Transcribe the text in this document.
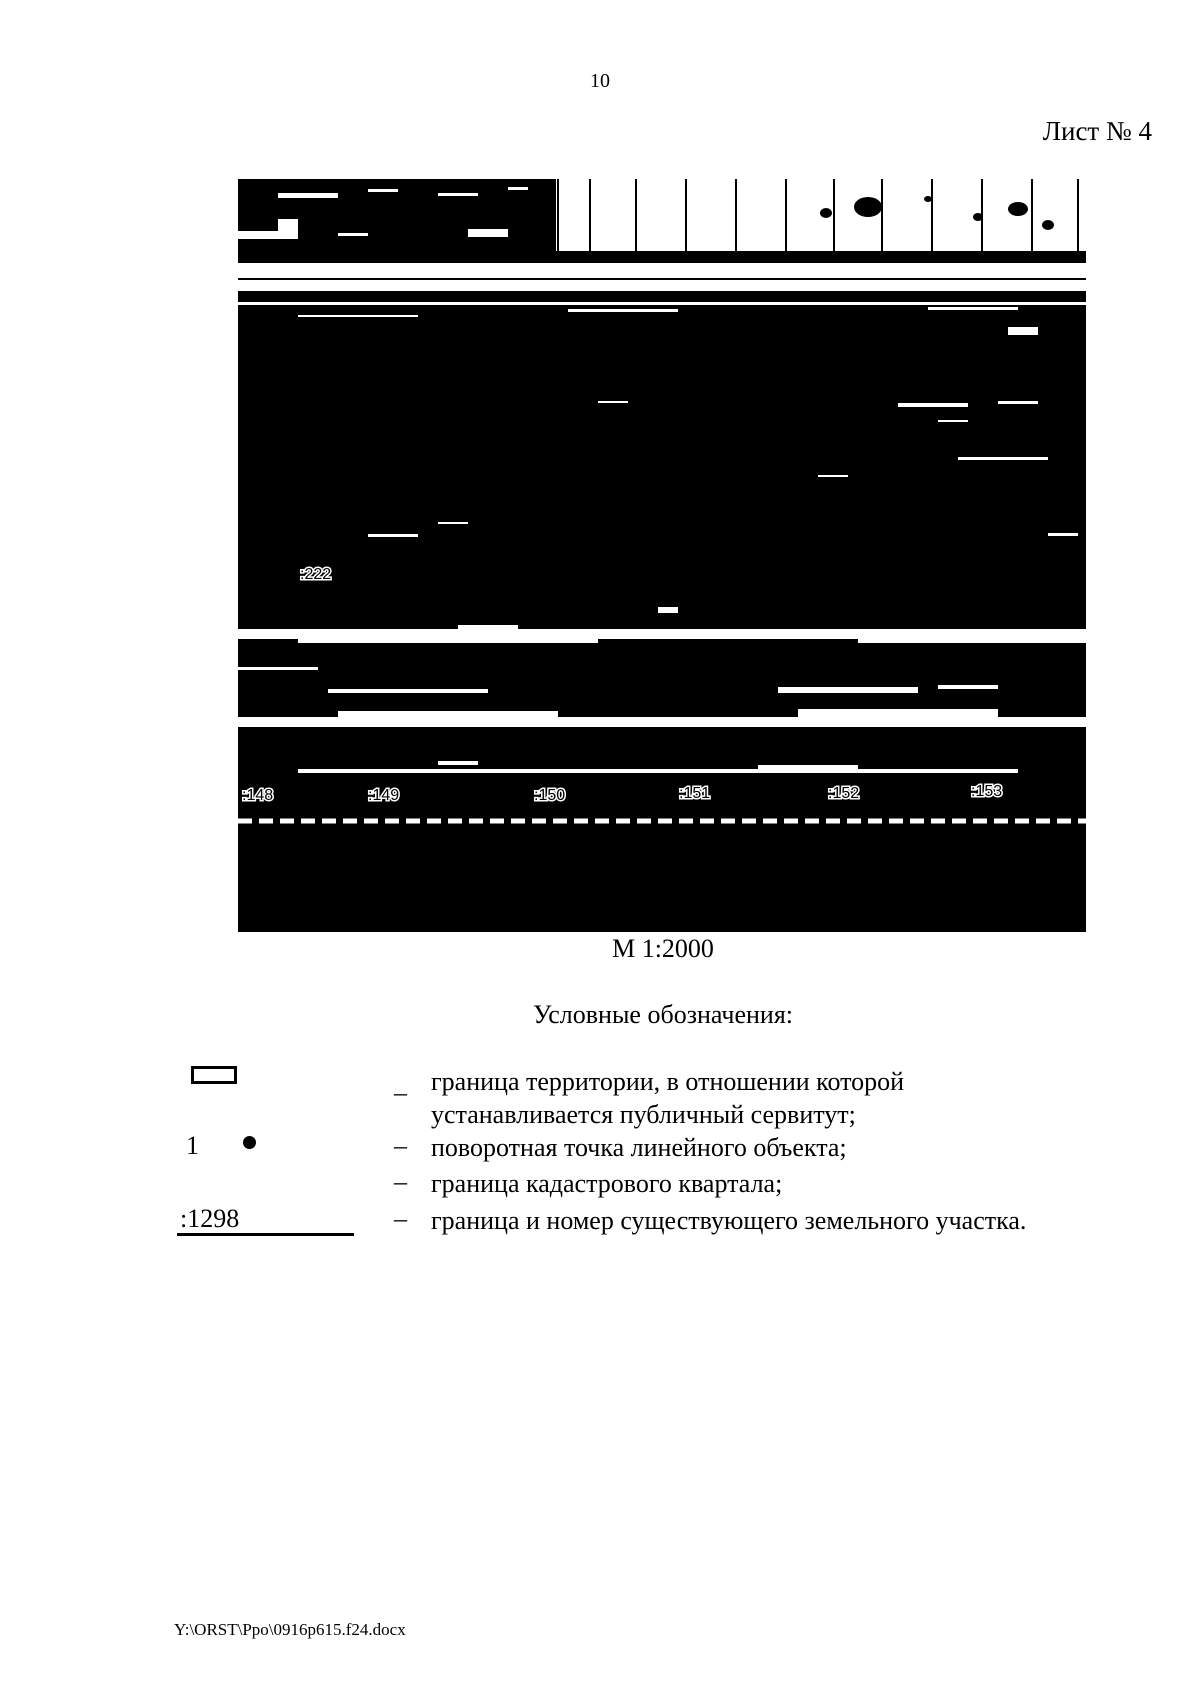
10
Лист № 4
:222
:148	:149	:150	:151	:152	:153
М 1:2000
Условные обозначения:
– граница территории, в отношении которой
устанавливается публичный сервитут;
1	– поворотная точка линейного объекта;
– граница кадастрового квартала;
:1298	– граница и номер существующего земельного участка.
Y:\ORST\Ppo\0916p615.f24.docx
